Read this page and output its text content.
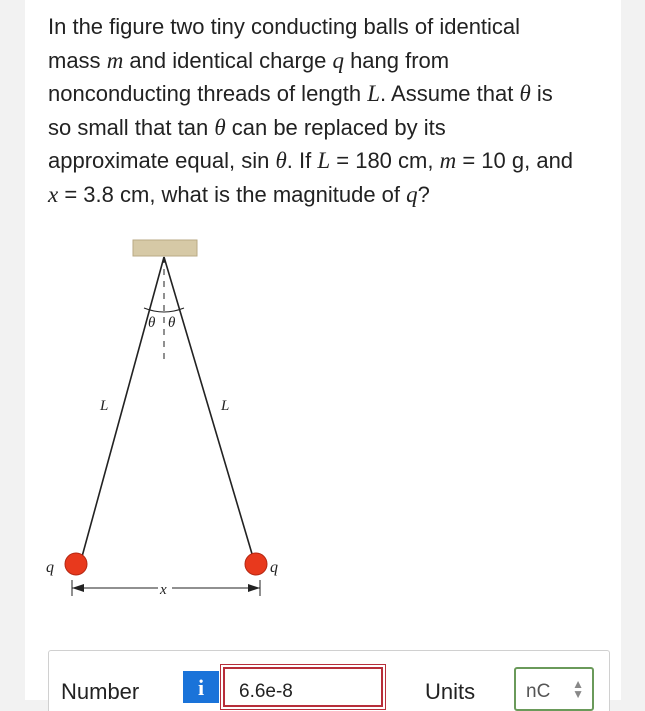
In the figure two tiny conducting balls of identical
mass m and identical charge q hang from
nonconducting threads of length L. Assume that θ is
so small that tan θ can be replaced by its
approximate equal, sin θ. If L = 180 cm, m = 10 g, and
x = 3.8 cm, what is the magnitude of q?
θ θ
L	L
q	q
x
Number	i	6.6e-8	Units	nC ▲
▼
